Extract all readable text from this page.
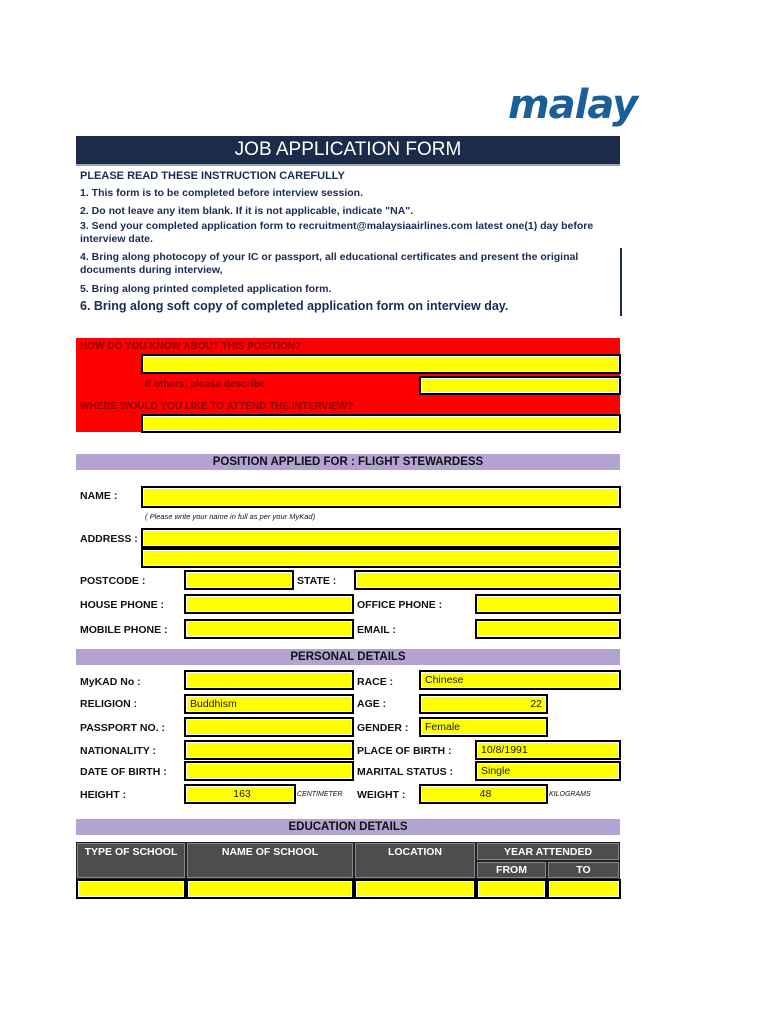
malay
JOB APPLICATION FORM
PLEASE READ THESE INSTRUCTION CAREFULLY
1. This form is to be completed before interview session.
2. Do not leave any item blank. If it is not applicable, indicate "NA".
3. Send your completed application form to recruitment@malaysiaairlines.com latest one(1) day before interview date.
4. Bring along photocopy of your IC or passport, all educational certificates and present the original documents during interview,
5. Bring along printed completed application form.
6. Bring along soft copy of completed application form on interview day.
HOW DO YOU KNOW ABOUT THIS POSITION?
If others, please describe
WHERE WOULD YOU LIKE TO ATTEND THE INTERVIEW?
POSITION APPLIED FOR : FLIGHT STEWARDESS
NAME :
( Please write your name in full as per your MyKad)
ADDRESS :
POSTCODE :	STATE :
HOUSE PHONE :	OFFICE PHONE :
MOBILE PHONE :	EMAIL :
PERSONAL DETAILS
MyKAD No :	RACE :	Chinese
RELIGION :	Buddhism	AGE :	22
PASSPORT NO. :	GENDER :	Female
NATIONALITY :	PLACE OF BIRTH :	10/8/1991
DATE OF BIRTH :	MARITAL STATUS :	Single
HEIGHT :	163	CENTIMETER WEIGHT :	48	KILOGRAMS
EDUCATION DETAILS
TYPE OF SCHOOL	NAME OF SCHOOL	LOCATION	YEAR ATTENDED
FROM	TO
